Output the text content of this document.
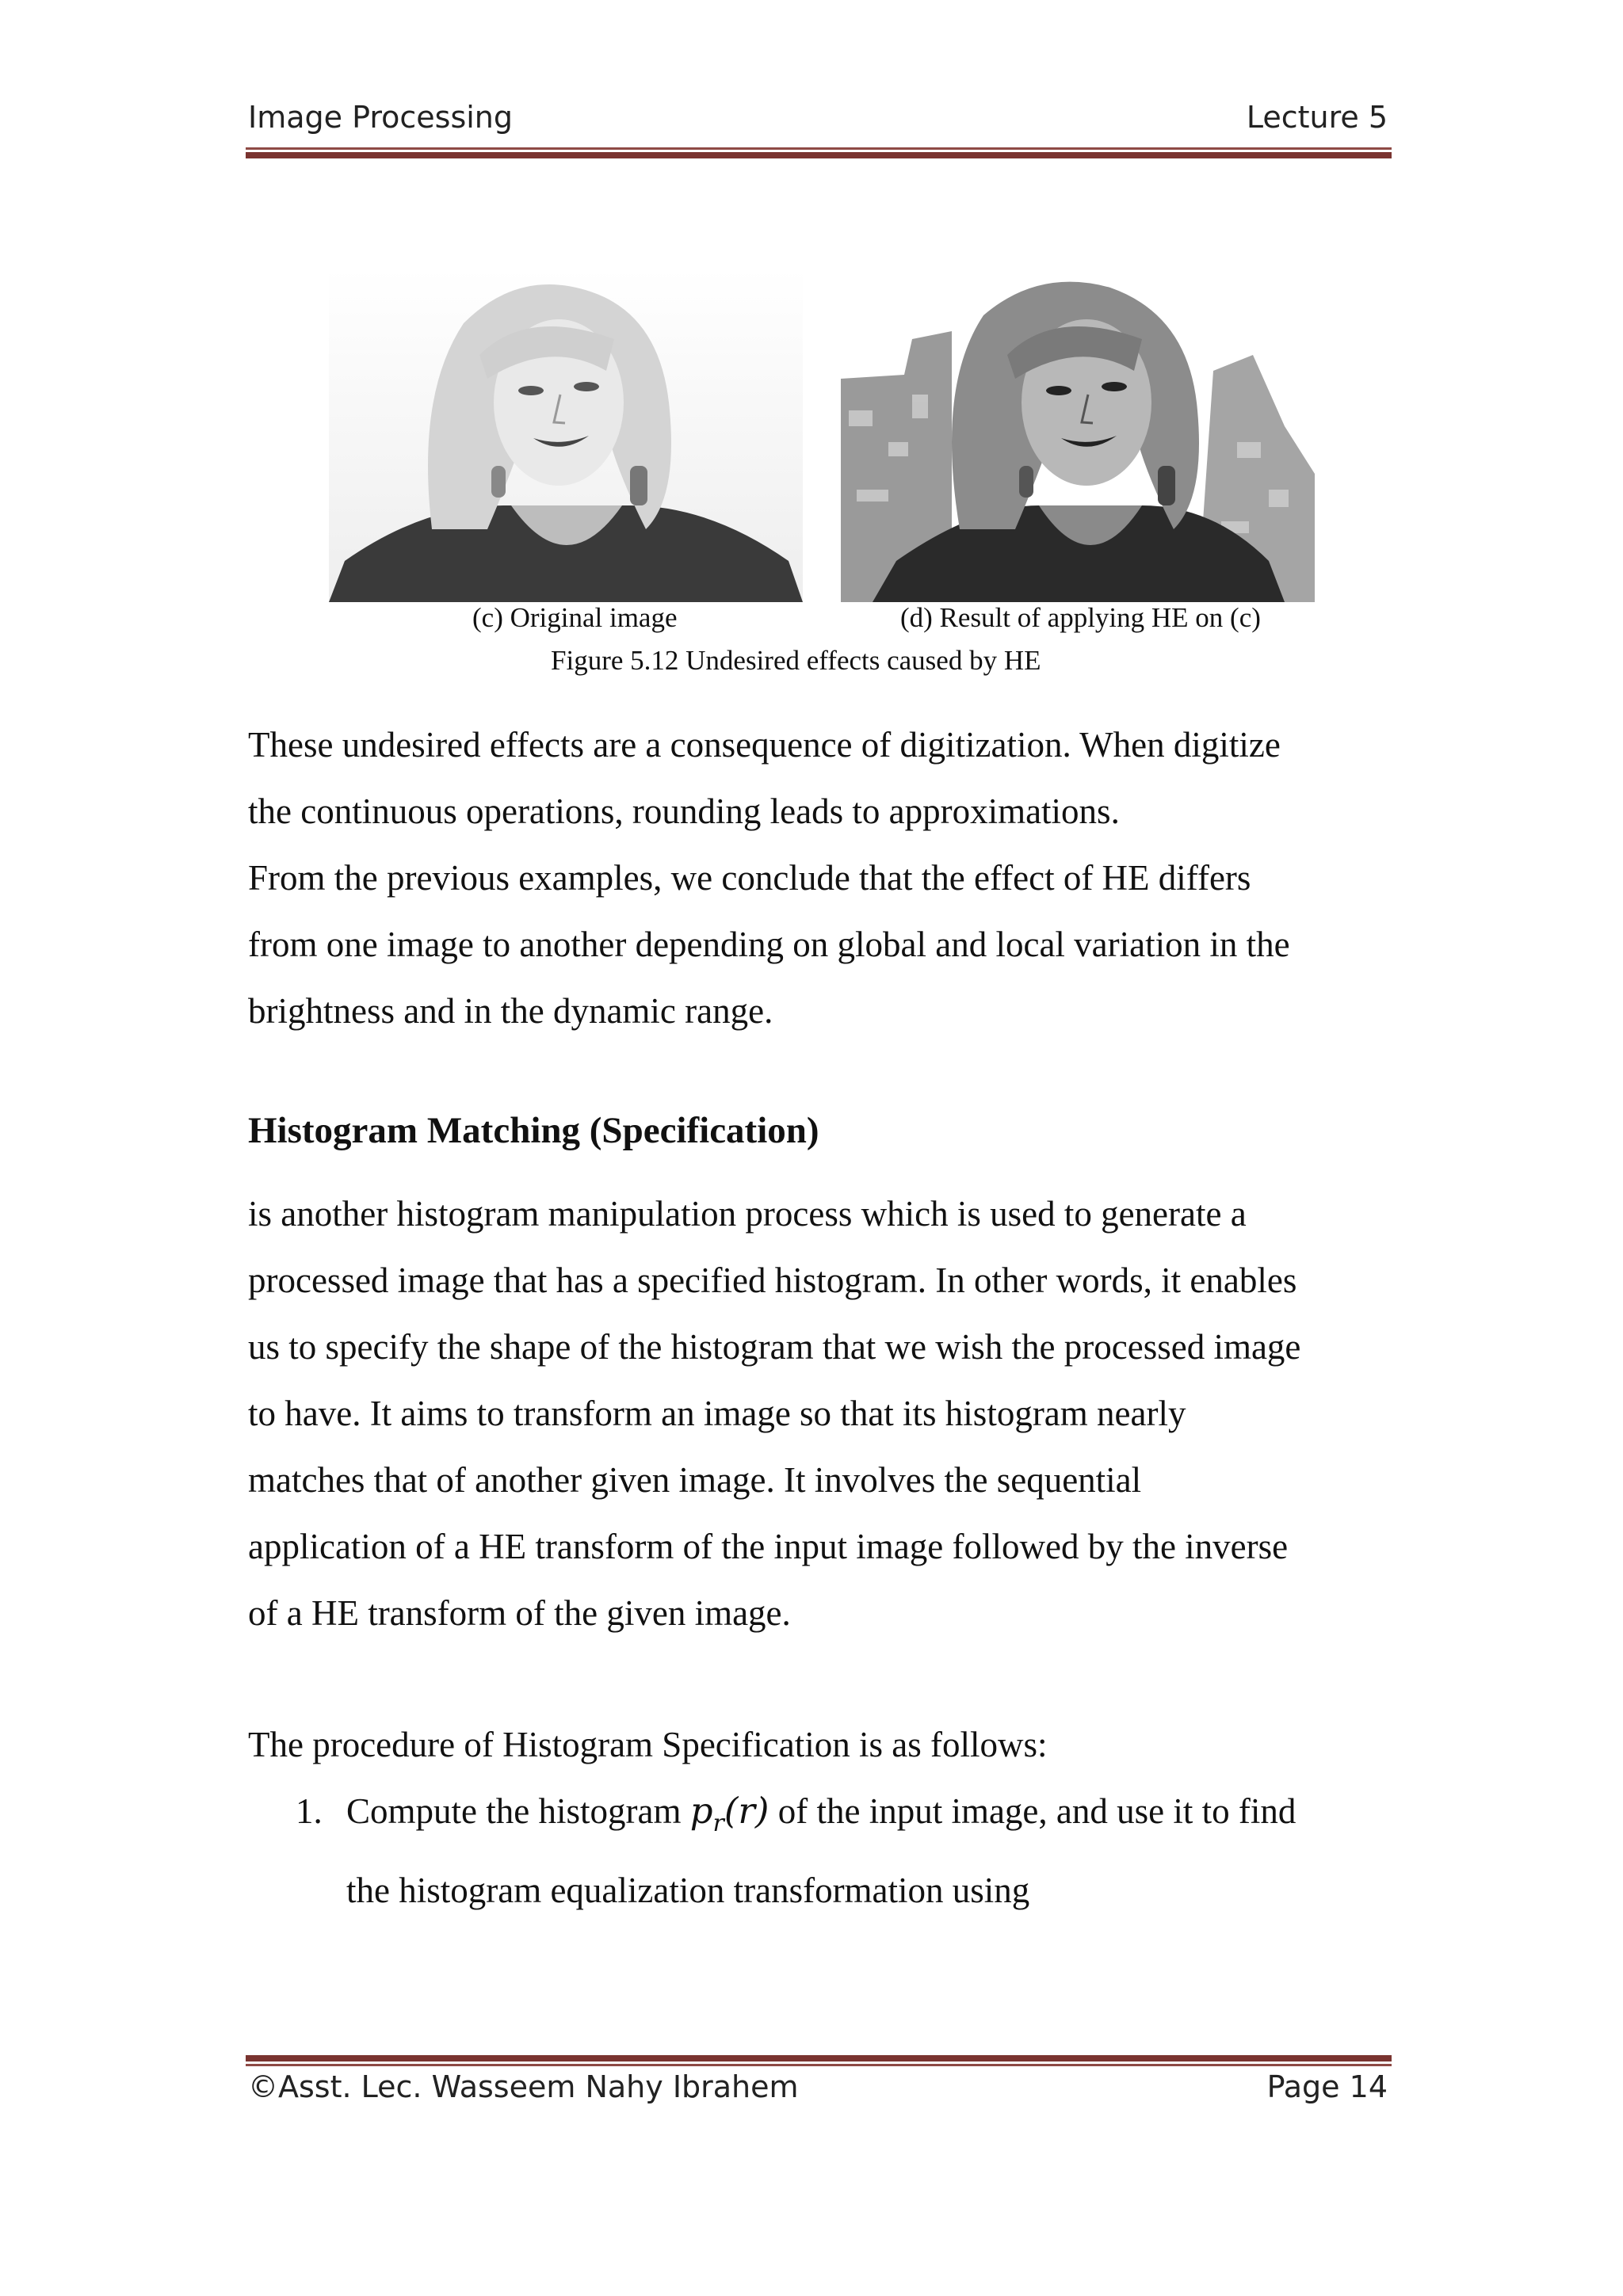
Image Processing	Lecture 5
(c) Original image	(d) Result of applying HE on (c)
Figure 5.12 Undesired effects caused by HE

These undesired effects are a consequence of digitization. When digitize

the continuous operations, rounding leads to approximations.

From the previous examples, we conclude that the effect of HE differs

from one image to another depending on global and local variation in the

brightness and in the dynamic range.

Histogram Matching (Specification)

is another histogram manipulation process which is used to generate a

processed image that has a specified histogram. In other words, it enables

us to specify the shape of the histogram that we wish the processed image

to have. It aims to transform an image so that its histogram nearly

matches that of another given image. It involves the sequential

application of a HE transform of the input image followed by the inverse

of a HE transform of the given image.

The procedure of Histogram Specification is as follows:

1. Compute the histogram $p_r(r)$ of the input image, and use it to find
the histogram equalization transformation using
©Asst. Lec. Wasseem Nahy Ibrahem	Page 14
